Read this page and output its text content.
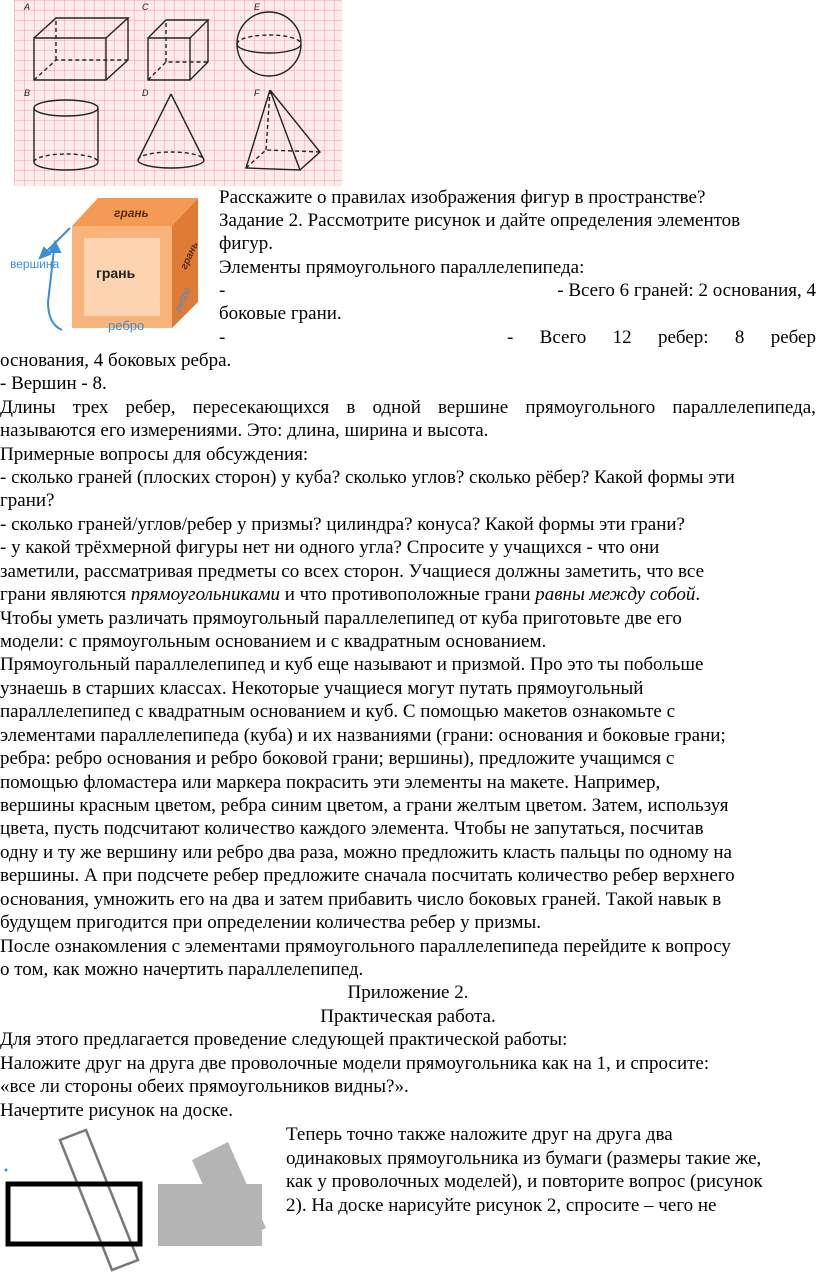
A	C	E
B	D	F
грань
грань
грань
вершина
ребро
ребро
Расскажите о правилах изображения фигур в пространстве?
Задание 2. Рассмотрите рисунок и дайте определения элементов
фигур.
Элементы прямоугольного параллелепипеда:
-	- Всего 6 граней: 2 основания, 4
боковые грани.
-	- Всего 12 ребер: 8 ребер
основания, 4 боковых ребра.
- Вершин - 8.
Длины трех ребер, пересекающихся в одной вершине прямоугольного параллелепипеда,
называются его измерениями. Это: длина, ширина и высота.
Примерные вопросы для обсуждения:
- сколько граней (плоских сторон) у куба? сколько углов? сколько рёбер? Какой формы эти
грани?
- сколько граней/углов/ребер у призмы? цилиндра? конуса? Какой формы эти грани?
- у какой трёхмерной фигуры нет ни одного угла? Спросите у учащихся - что они
заметили, рассматривая предметы со всех сторон. Учащиеся должны заметить, что все
грани являются прямоугольниками и что противоположные грани равны между собой.
Чтобы уметь различать прямоугольный параллелепипед от куба приготовьте две его
модели: с прямоугольным основанием и с квадратным основанием.
Прямоугольный параллелепипед и куб еще называют и призмой. Про это ты побольше
узнаешь в старших классах. Некоторые учащиеся могут путать прямоугольный
параллелепипед с квадратным основанием и куб. С помощью макетов ознакомьте с
элементами параллелепипеда (куба) и их названиями (грани: основания и боковые грани;
ребра: ребро основания и ребро боковой грани; вершины), предложите учащимся с
помощью фломастера или маркера покрасить эти элементы на макете. Например,
вершины красным цветом, ребра синим цветом, а грани желтым цветом. Затем, используя
цвета, пусть подсчитают количество каждого элемента. Чтобы не запутаться, посчитав
одну и ту же вершину или ребро два раза, можно предложить класть пальцы по одному на
вершины. А при подсчете ребер предложите сначала посчитать количество ребер верхнего
основания, умножить его на два и затем прибавить число боковых граней. Такой навык в
будущем пригодится при определении количества ребер у призмы.
После ознакомления с элементами прямоугольного параллелепипеда перейдите к вопросу
о том, как можно начертить параллелепипед.
Приложение 2.
Практическая работа.
Для этого предлагается проведение следующей практической работы:
Наложите друг на друга две проволочные модели прямоугольника как на 1, и спросите:
«все ли стороны обеих прямоугольников видны?».
Начертите рисунок на доске.
Теперь точно также наложите друг на друга два
одинаковых прямоугольника из бумаги (размеры такие же,
как у проволочных моделей), и повторите вопрос (рисунок
2). На доске нарисуйте рисунок 2, спросите – чего не
